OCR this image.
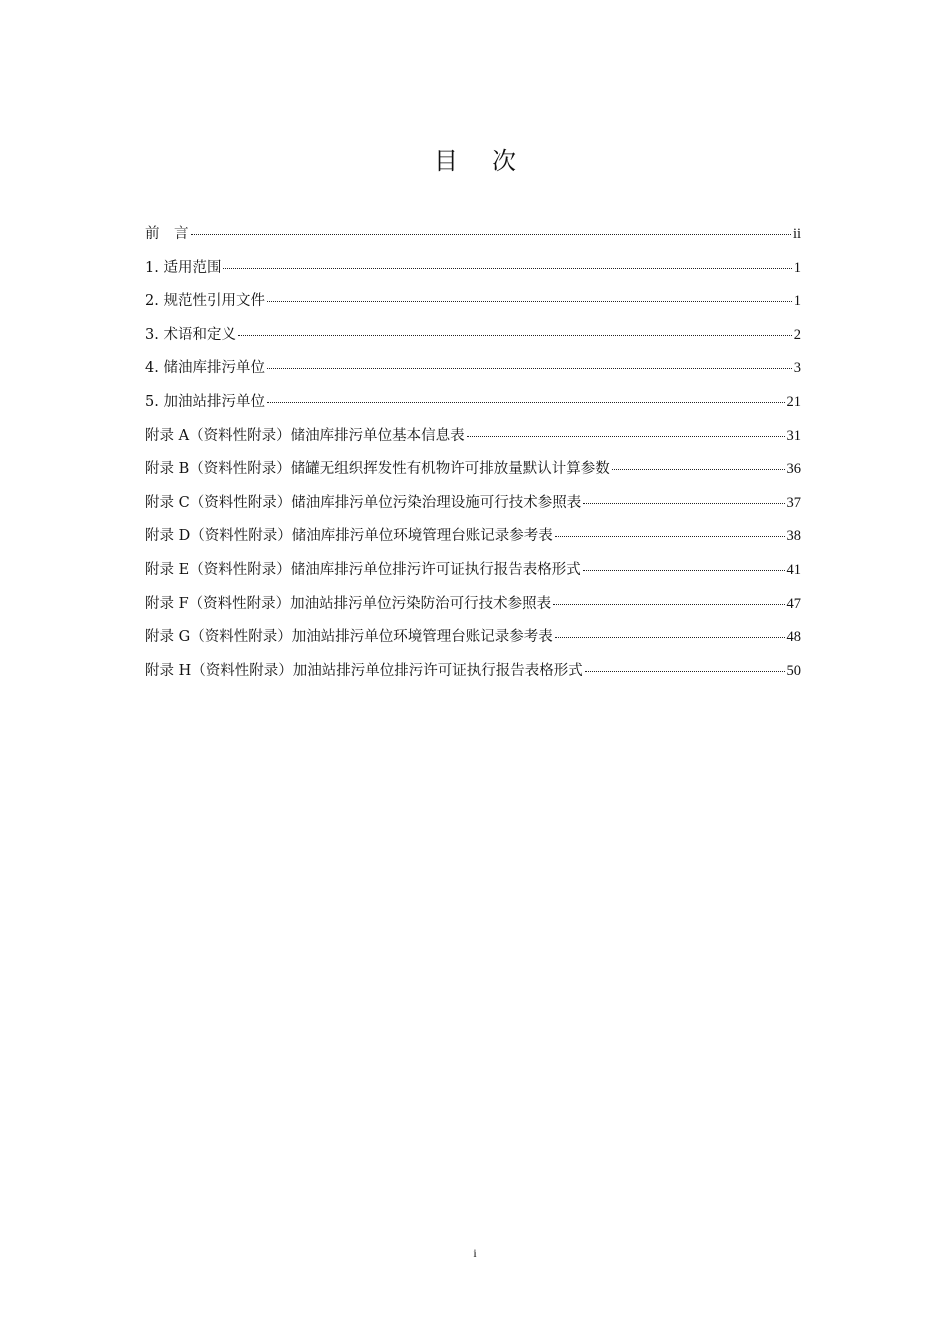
目次
前　言	ii
1. 适用范围	1
2. 规范性引用文件	1
3. 术语和定义	2
4. 储油库排污单位	3
5. 加油站排污单位	21
附录 A（资料性附录）储油库排污单位基本信息表	31
附录 B（资料性附录）储罐无组织挥发性有机物许可排放量默认计算参数	36
附录 C（资料性附录）储油库排污单位污染治理设施可行技术参照表	37
附录 D（资料性附录）储油库排污单位环境管理台账记录参考表	38
附录 E（资料性附录）储油库排污单位排污许可证执行报告表格形式	41
附录 F（资料性附录）加油站排污单位污染防治可行技术参照表	47
附录 G（资料性附录）加油站排污单位环境管理台账记录参考表	48
附录 H（资料性附录）加油站排污单位排污许可证执行报告表格形式	50

i
